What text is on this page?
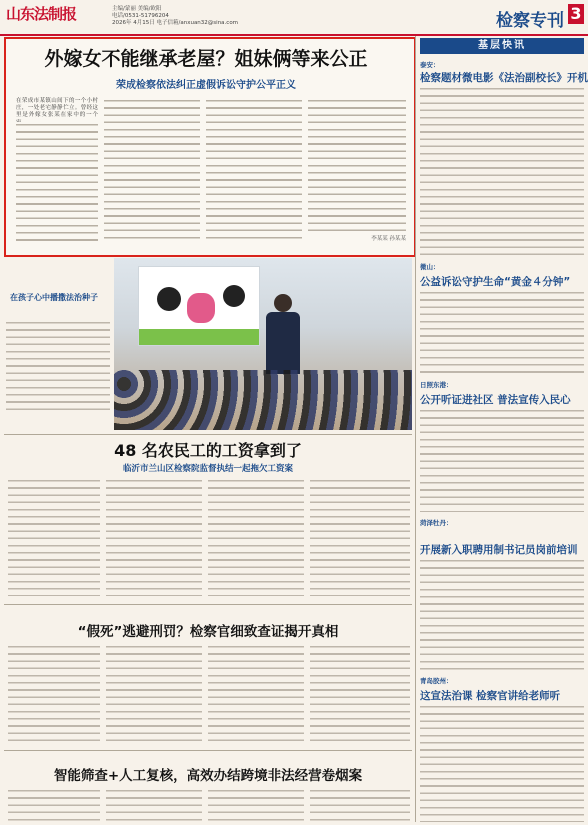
山东法制报	主编/蒙丽 美编/欧阳
电话/0531-51796204
2026年 4月15日 电子信箱/anxuan32@sina.com	检察专刊 3
外嫁女不能继承老屋？姐妹俩等来公正
荣成检察依法纠正虚假诉讼守护公平正义
在荣成市某镇山间下的一个小村庄，一处老宅静静伫立。曾经这里是外嫁女张某在家中的一个
李某某 孙某某
在孩子心中播撒法治种子
48 名农民工的工资拿到了
临沂市兰山区检察院监督执结一起拖欠工资案
“假死”逃避刑罚？检察官细致查证揭开真相
智能筛查+人工复核，高效办结跨境非法经营卷烟案
基层快讯
泰安：
检察题材微电影《法治副校长》开机
微山：
公益诉讼守护生命“黄金４分钟”
日照东港：
公开听证进社区 普法宣传入民心
菏泽牡丹：
开展新入职聘用制书记员岗前培训
青岛胶州：
这宣法治课 检察官讲给老师听
